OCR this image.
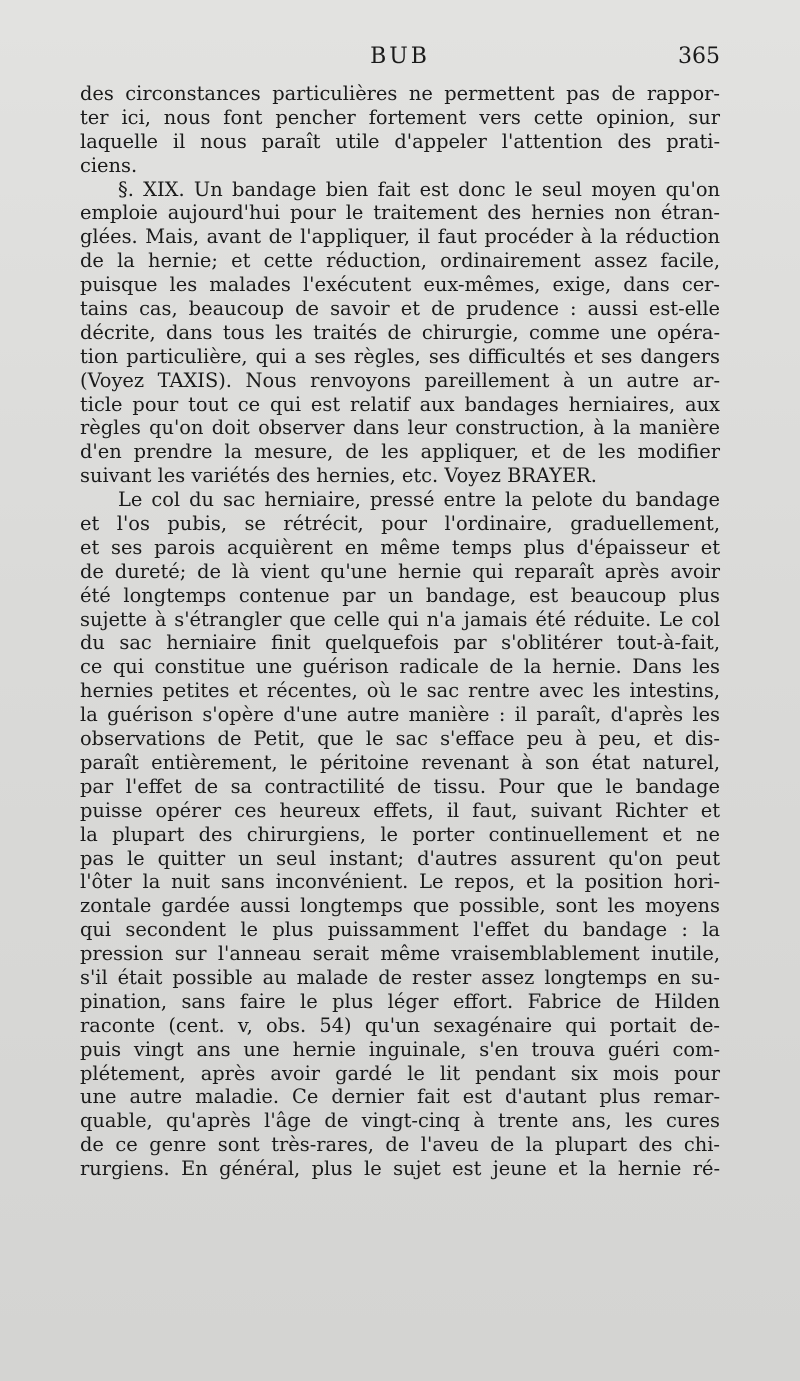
BUB	365
des circonstances particulières ne permettent pas de rappor-
ter ici, nous font pencher fortement vers cette opinion, sur
laquelle il nous paraît utile d'appeler l'attention des prati-
ciens.
§. XIX. Un bandage bien fait est donc le seul moyen qu'on
emploie aujourd'hui pour le traitement des hernies non étran-
glées. Mais, avant de l'appliquer, il faut procéder à la réduction
de la hernie; et cette réduction, ordinairement assez facile,
puisque les malades l'exécutent eux-mêmes, exige, dans cer-
tains cas, beaucoup de savoir et de prudence : aussi est-elle
décrite, dans tous les traités de chirurgie, comme une opéra-
tion particulière, qui a ses règles, ses difficultés et ses dangers
(Voyez TAXIS). Nous renvoyons pareillement à un autre ar-
ticle pour tout ce qui est relatif aux bandages herniaires, aux
règles qu'on doit observer dans leur construction, à la manière
d'en prendre la mesure, de les appliquer, et de les modifier
suivant les variétés des hernies, etc. Voyez BRAYER.
Le col du sac herniaire, pressé entre la pelote du bandage
et l'os pubis, se rétrécit, pour l'ordinaire, graduellement,
et ses parois acquièrent en même temps plus d'épaisseur et
de dureté; de là vient qu'une hernie qui reparaît après avoir
été longtemps contenue par un bandage, est beaucoup plus
sujette à s'étrangler que celle qui n'a jamais été réduite. Le col
du sac herniaire finit quelquefois par s'oblitérer tout-à-fait,
ce qui constitue une guérison radicale de la hernie. Dans les
hernies petites et récentes, où le sac rentre avec les intestins,
la guérison s'opère d'une autre manière : il paraît, d'après les
observations de Petit, que le sac s'efface peu à peu, et dis-
paraît entièrement, le péritoine revenant à son état naturel,
par l'effet de sa contractilité de tissu. Pour que le bandage
puisse opérer ces heureux effets, il faut, suivant Richter et
la plupart des chirurgiens, le porter continuellement et ne
pas le quitter un seul instant; d'autres assurent qu'on peut
l'ôter la nuit sans inconvénient. Le repos, et la position hori-
zontale gardée aussi longtemps que possible, sont les moyens
qui secondent le plus puissamment l'effet du bandage : la
pression sur l'anneau serait même vraisemblablement inutile,
s'il était possible au malade de rester assez longtemps en su-
pination, sans faire le plus léger effort. Fabrice de Hilden
raconte (cent. v, obs. 54) qu'un sexagénaire qui portait de-
puis vingt ans une hernie inguinale, s'en trouva guéri com-
plétement, après avoir gardé le lit pendant six mois pour
une autre maladie. Ce dernier fait est d'autant plus remar-
quable, qu'après l'âge de vingt-cinq à trente ans, les cures
de ce genre sont très-rares, de l'aveu de la plupart des chi-
rurgiens. En général, plus le sujet est jeune et la hernie ré-
